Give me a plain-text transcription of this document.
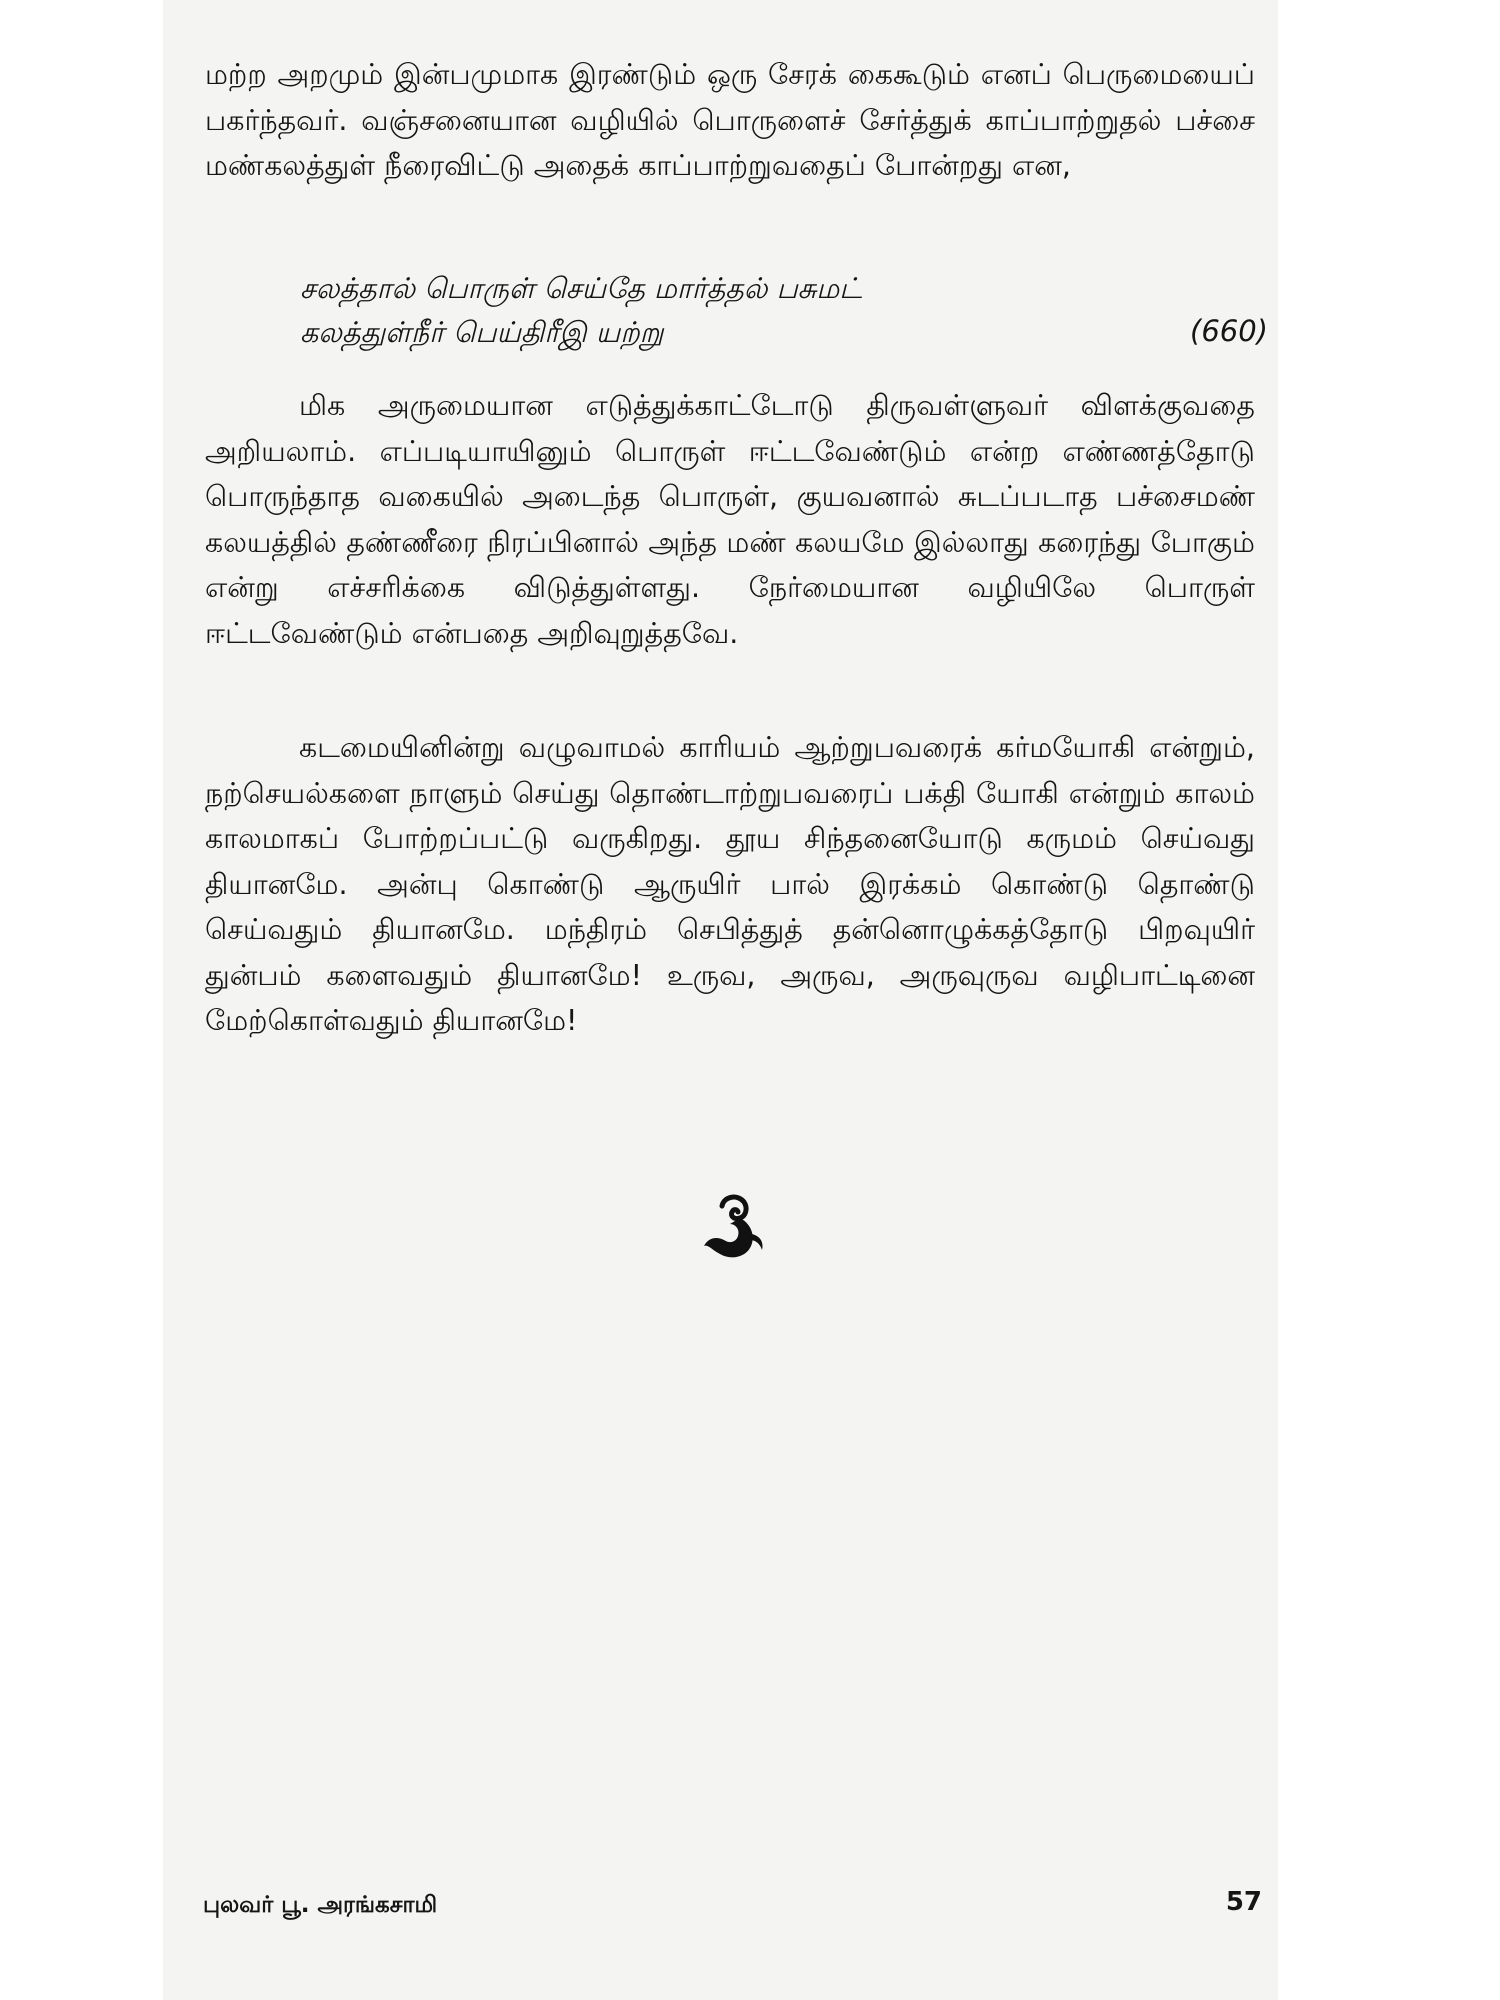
மற்ற அறமும் இன்பமுமாக இரண்டும் ஒரு சேரக் கைகூடும் எனப் பெருமையைப் பகர்ந்தவர். வஞ்சனையான வழியில் பொருளைச் சேர்த்துக் காப்பாற்றுதல் பச்சை மண்கலத்துள் நீரைவிட்டு அதைக் காப்பாற்றுவதைப் போன்றது என,

சலத்தால் பொருள் செய்தே மார்த்தல் பசுமட்
கலத்துள்நீர் பெய்திரீஇ யற்று	(660)

மிக அருமையான எடுத்துக்காட்டோடு திருவள்ளுவர் விளக்குவதை அறியலாம். எப்படியாயினும் பொருள் ஈட்டவேண்டும் என்ற எண்ணத்தோடு பொருந்தாத வகையில் அடைந்த பொருள், குயவனால் சுடப்படாத பச்சைமண் கலயத்தில் தண்ணீரை நிரப்பினால் அந்த மண் கலயமே இல்லாது கரைந்து போகும் என்று எச்சரிக்கை விடுத்துள்ளது. நேர்மையான வழியிலே பொருள் ஈட்டவேண்டும் என்பதை அறிவுறுத்தவே.

கடமையினின்று வழுவாமல் காரியம் ஆற்றுபவரைக் கர்மயோகி என்றும், நற்செயல்களை நாளும் செய்து தொண்டாற்றுபவரைப் பக்தி யோகி என்றும் காலம் காலமாகப் போற்றப்பட்டு வருகிறது. தூய சிந்தனையோடு கருமம் செய்வது தியானமே. அன்பு கொண்டு ஆருயிர் பால் இரக்கம் கொண்டு தொண்டு செய்வதும் தியானமே. மந்திரம் செபித்துத் தன்னொழுக்கத்தோடு பிறவுயிர் துன்பம் களைவதும் தியானமே! உருவ, அருவ, அருவுருவ வழிபாட்டினை மேற்கொள்வதும் தியானமே!

புலவர் பூ. அரங்கசாமி	57
